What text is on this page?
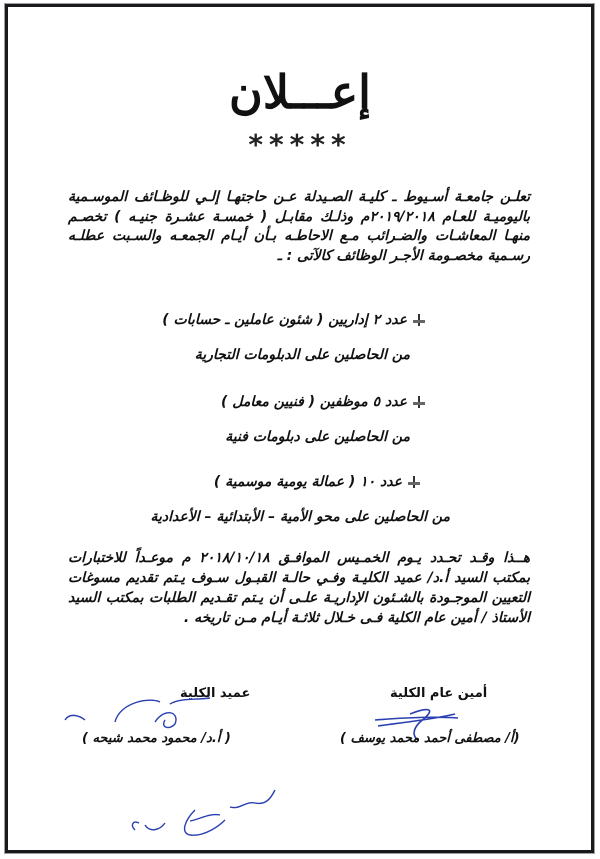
إعـــلان
*****
تعلـن جامعـة أسـيوط ـ كليـة الصـيدلة عـن حاجتهـا إلـي للوظـائف الموسـمية باليوميـة للعـام ٢٠١٩/٢٠١٨م وذلـك مقابـل ( خمسـة عشـرة جنيـه ) تخصـم منهـا المعاشـات والضـرائب مـع الاحاطـه بـأن أيـام الجمعـه والسـبت عطلـه رسـمية مخصـومة الأجـر الوظائف كالآتى : ـ
عدد ٢ إداريين ( شئون عاملين ـ حسابات )
من الحاصلين على الدبلومات التجارية
عدد ٥ موظفين ( فنيين معامل )
من الحاصلين على دبلومات فنية
عدد ١٠ ( عمالة يومية موسمية )
من الحاصلين على محو الأمية – الأبتدائية – الأعدادية
هــذا وقـد تحـدد يـوم الخمـيس الموافـق ٢٠١٨/١٠/١٨ م موعـداً للاختبارات بمكتب السيد أ.د/ عميد الكليـة وفـي حالـة القبـول سـوف يـتم تقديم مسوغات التعيين الموجـودة بالشـئون الإداريـة علـى أن يـتم تقـديم الطلبات بمكتب السيد الأستاذ / أمين عام الكلية فـى خـلال ثلاثـة أيـام مـن تاريخه .
أمين عام الكلية
(أ/ مصطفى أحمد محمد يوسف )
عميد الكلية
( أ.د/ محمود محمد شيحه )
